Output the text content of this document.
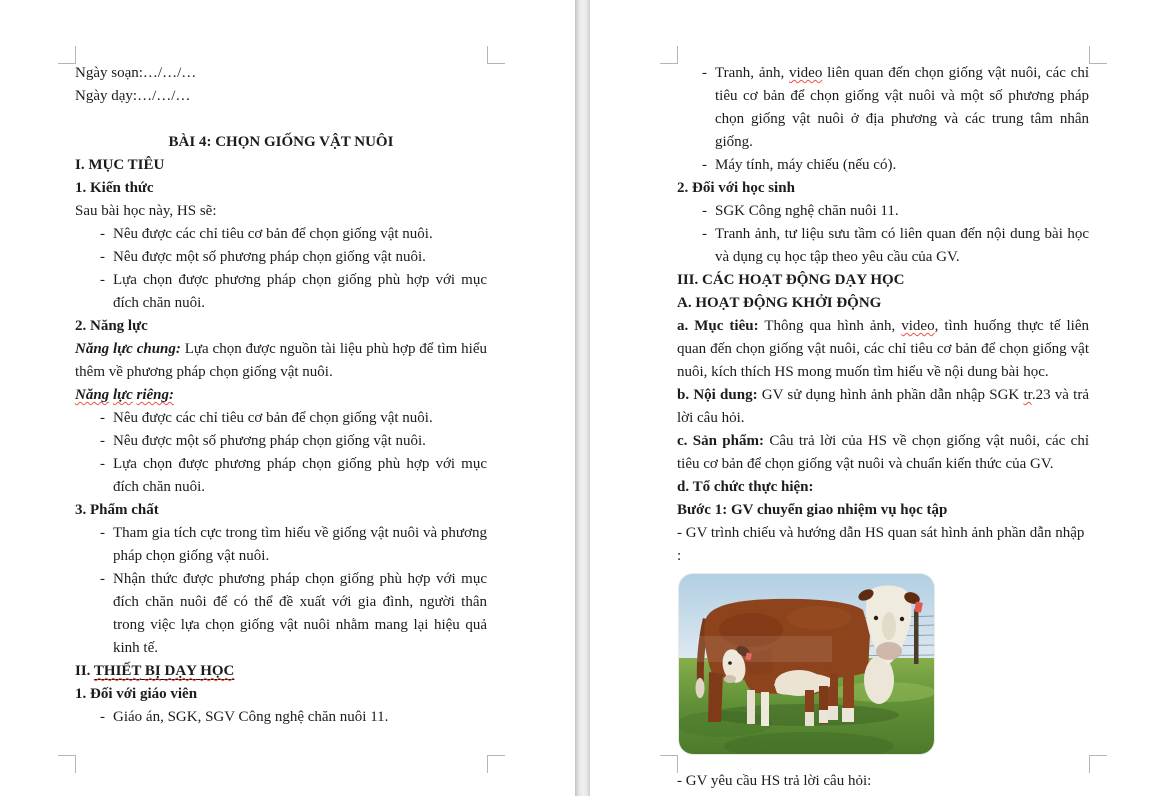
Ngày soạn:…/…/…

Ngày dạy:…/…/…

BÀI 4: CHỌN GIỐNG VẬT NUÔI

I. MỤC TIÊU

1. Kiến thức

Sau bài học này, HS sẽ:

- Nêu được các chỉ tiêu cơ bản để chọn giống vật nuôi.
- Nêu được một số phương pháp chọn giống vật nuôi.
- Lựa chọn được phương pháp chọn giống phù hợp với mục đích chăn nuôi.

2. Năng lực

Năng lực chung: Lựa chọn được nguồn tài liệu phù hợp để tìm hiểu thêm về phương pháp chọn giống vật nuôi.

Năng lực riêng:

- Nêu được các chỉ tiêu cơ bản để chọn giống vật nuôi.
- Nêu được một số phương pháp chọn giống vật nuôi.
- Lựa chọn được phương pháp chọn giống phù hợp với mục đích chăn nuôi.

3. Phẩm chất

- Tham gia tích cực trong tìm hiểu về giống vật nuôi và phương pháp chọn giống vật nuôi.
- Nhận thức được phương pháp chọn giống phù hợp với mục đích chăn nuôi để có thể đề xuất với gia đình, người thân trong việc lựa chọn giống vật nuôi nhằm mang lại hiệu quả kinh tế.

II. THIẾT BỊ DẠY HỌC

1. Đối với giáo viên

- Giáo án, SGK, SGV Công nghệ chăn nuôi 11.
- Tranh, ảnh, video liên quan đến chọn giống vật nuôi, các chỉ tiêu cơ bản để chọn giống vật nuôi và một số phương pháp chọn giống vật nuôi ở địa phương và các trung tâm nhân giống.
- Máy tính, máy chiếu (nếu có).

2. Đối với học sinh

- SGK Công nghệ chăn nuôi 11.
- Tranh ảnh, tư liệu sưu tầm có liên quan đến nội dung bài học và dụng cụ học tập theo yêu cầu của GV.

III. CÁC HOẠT ĐỘNG DẠY HỌC

A. HOẠT ĐỘNG KHỞI ĐỘNG

a. Mục tiêu: Thông qua hình ảnh, video, tình huống thực tế liên quan đến chọn giống vật nuôi, các chỉ tiêu cơ bản để chọn giống vật nuôi, kích thích HS mong muốn tìm hiểu về nội dung bài học.

b. Nội dung: GV sử dụng hình ảnh phần dẫn nhập SGK tr.23 và trả lời câu hỏi.

c. Sản phẩm: Câu trả lời của HS về chọn giống vật nuôi, các chỉ tiêu cơ bản để chọn giống vật nuôi và chuẩn kiến thức của GV.

d. Tổ chức thực hiện:

Bước 1: GV chuyển giao nhiệm vụ học tập

- GV trình chiếu và hướng dẫn HS quan sát hình ảnh phần dẫn nhập :

- GV yêu cầu HS trả lời câu hỏi:
